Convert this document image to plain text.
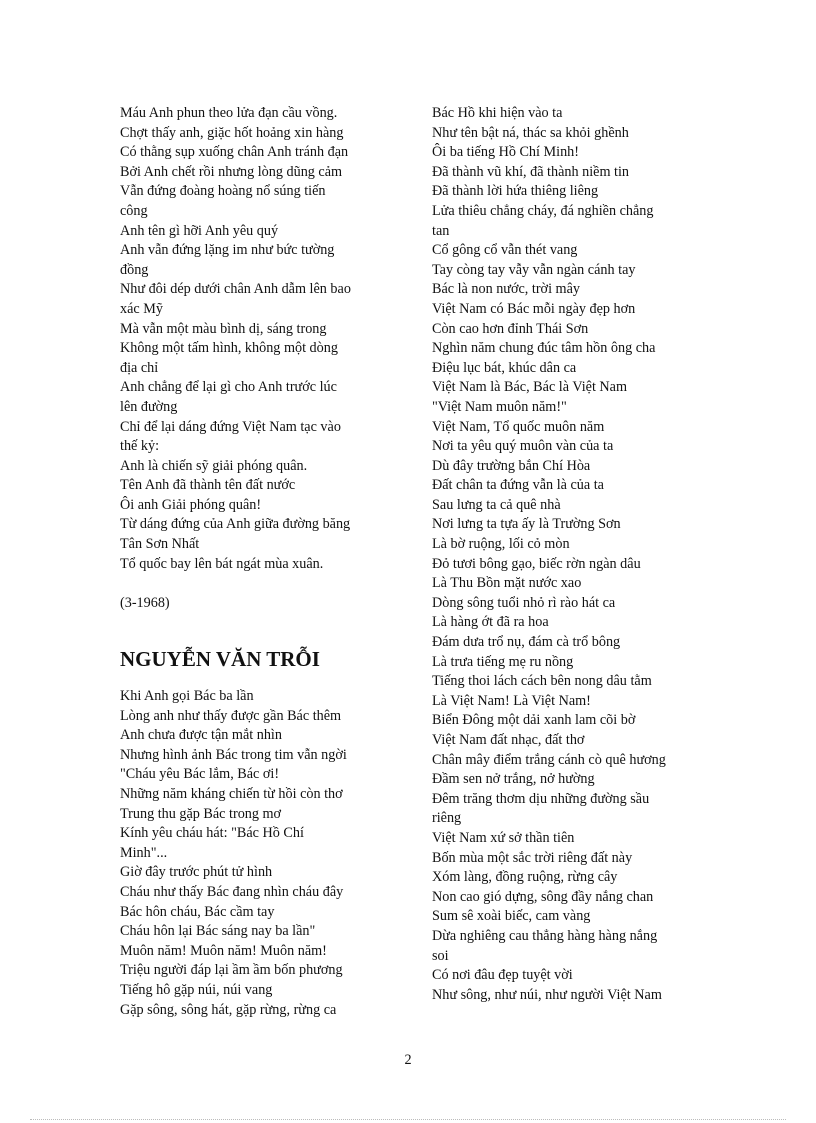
Máu Anh phun theo lửa đạn cầu vồng.
Chợt thấy anh, giặc hốt hoảng xin hàng
Có thằng sụp xuống chân Anh tránh đạn
Bởi Anh chết rồi nhưng lòng dũng cảm
Vẫn đứng đoàng hoàng nổ súng tiến
công
Anh tên gì hỡi Anh yêu quý
Anh vẫn đứng lặng im như bức tường
đồng
Như đôi dép dưới chân Anh dẫm lên bao
xác Mỹ
Mà vẫn một màu bình dị, sáng trong
Không một tấm hình, không một dòng
địa chỉ
Anh chẳng để lại gì cho Anh trước lúc
lên đường
Chỉ để lại dáng đứng Việt Nam tạc vào
thế kỷ:
Anh là chiến sỹ giải phóng quân.
Tên Anh đã thành tên đất nước
Ôi anh Giải phóng quân!
Từ dáng đứng của Anh giữa đường băng
Tân Sơn Nhất
Tổ quốc bay lên bát ngát mùa xuân.
(3-1968)
NGUYỄN VĂN TRỖI
Khi Anh gọi Bác ba lần
Lòng anh như thấy được gần Bác thêm
Anh chưa được tận mắt nhìn
Nhưng hình ảnh Bác trong tim vẫn ngời
"Cháu yêu Bác lắm, Bác ơi!
Những năm kháng chiến từ hồi còn thơ
Trung thu gặp Bác trong mơ
Kính yêu cháu hát: "Bác Hồ Chí
Minh"...
Giờ đây trước phút tử hình
Cháu như thấy Bác đang nhìn cháu đây
Bác hôn cháu, Bác cầm tay
Cháu hôn lại Bác sáng nay ba lần"
Muôn năm! Muôn năm! Muôn năm!
Triệu người đáp lại ầm ầm bốn phương
Tiếng hô gặp núi, núi vang
Gặp sông, sông hát, gặp rừng, rừng ca
Bác Hồ khi hiện vào ta
Như tên bật ná, thác sa khỏi ghềnh
Ôi ba tiếng Hồ Chí Minh!
Đã thành vũ khí, đã thành niềm tin
Đã thành lời hứa thiêng liêng
Lửa thiêu chẳng cháy, đá nghiền chẳng
tan
Cổ gông cổ vẫn thét vang
Tay còng tay vẫy vẫn ngàn cánh tay
Bác là non nước, trời mây
Việt Nam có Bác mỗi ngày đẹp hơn
Còn cao hơn đỉnh Thái Sơn
Nghìn năm chung đúc tâm hồn ông cha
Điệu lục bát, khúc dân ca
Việt Nam là Bác, Bác là Việt Nam
"Việt Nam muôn năm!"
Việt Nam, Tổ quốc muôn năm
Nơi ta yêu quý muôn vàn của ta
Dù đây trường bắn Chí Hòa
Đất chân ta đứng vẫn là của ta
Sau lưng ta cả quê nhà
Nơi lưng ta tựa ấy là Trường Sơn
Là bờ ruộng, lối cỏ mòn
Đỏ tươi bông gạo, biếc rờn ngàn dâu
Là Thu Bồn mặt nước xao
Dòng sông tuổi nhỏ rì rào hát ca
Là hàng ớt đã ra hoa
Đám dưa trổ nụ, đám cà trổ bông
Là trưa tiếng mẹ ru nồng
Tiếng thoi lách cách bên nong dâu tằm
Là Việt Nam! Là Việt Nam!
Biển Đông một dải xanh lam cõi bờ
Việt Nam đất nhạc, đất thơ
Chân mây điểm trắng cánh cò quê hương
Đầm sen nở trắng, nở hường
Đêm trăng thơm dịu những đường sầu
riêng
Việt Nam xứ sở thần tiên
Bốn mùa một sắc trời riêng đất này
Xóm làng, đồng ruộng, rừng cây
Non cao gió dựng, sông đầy nắng chan
Sum sê xoài biếc, cam vàng
Dừa nghiêng cau thẳng hàng hàng nắng
soi
Có nơi đâu đẹp tuyệt vời
Như sông, như núi, như người Việt Nam
2
